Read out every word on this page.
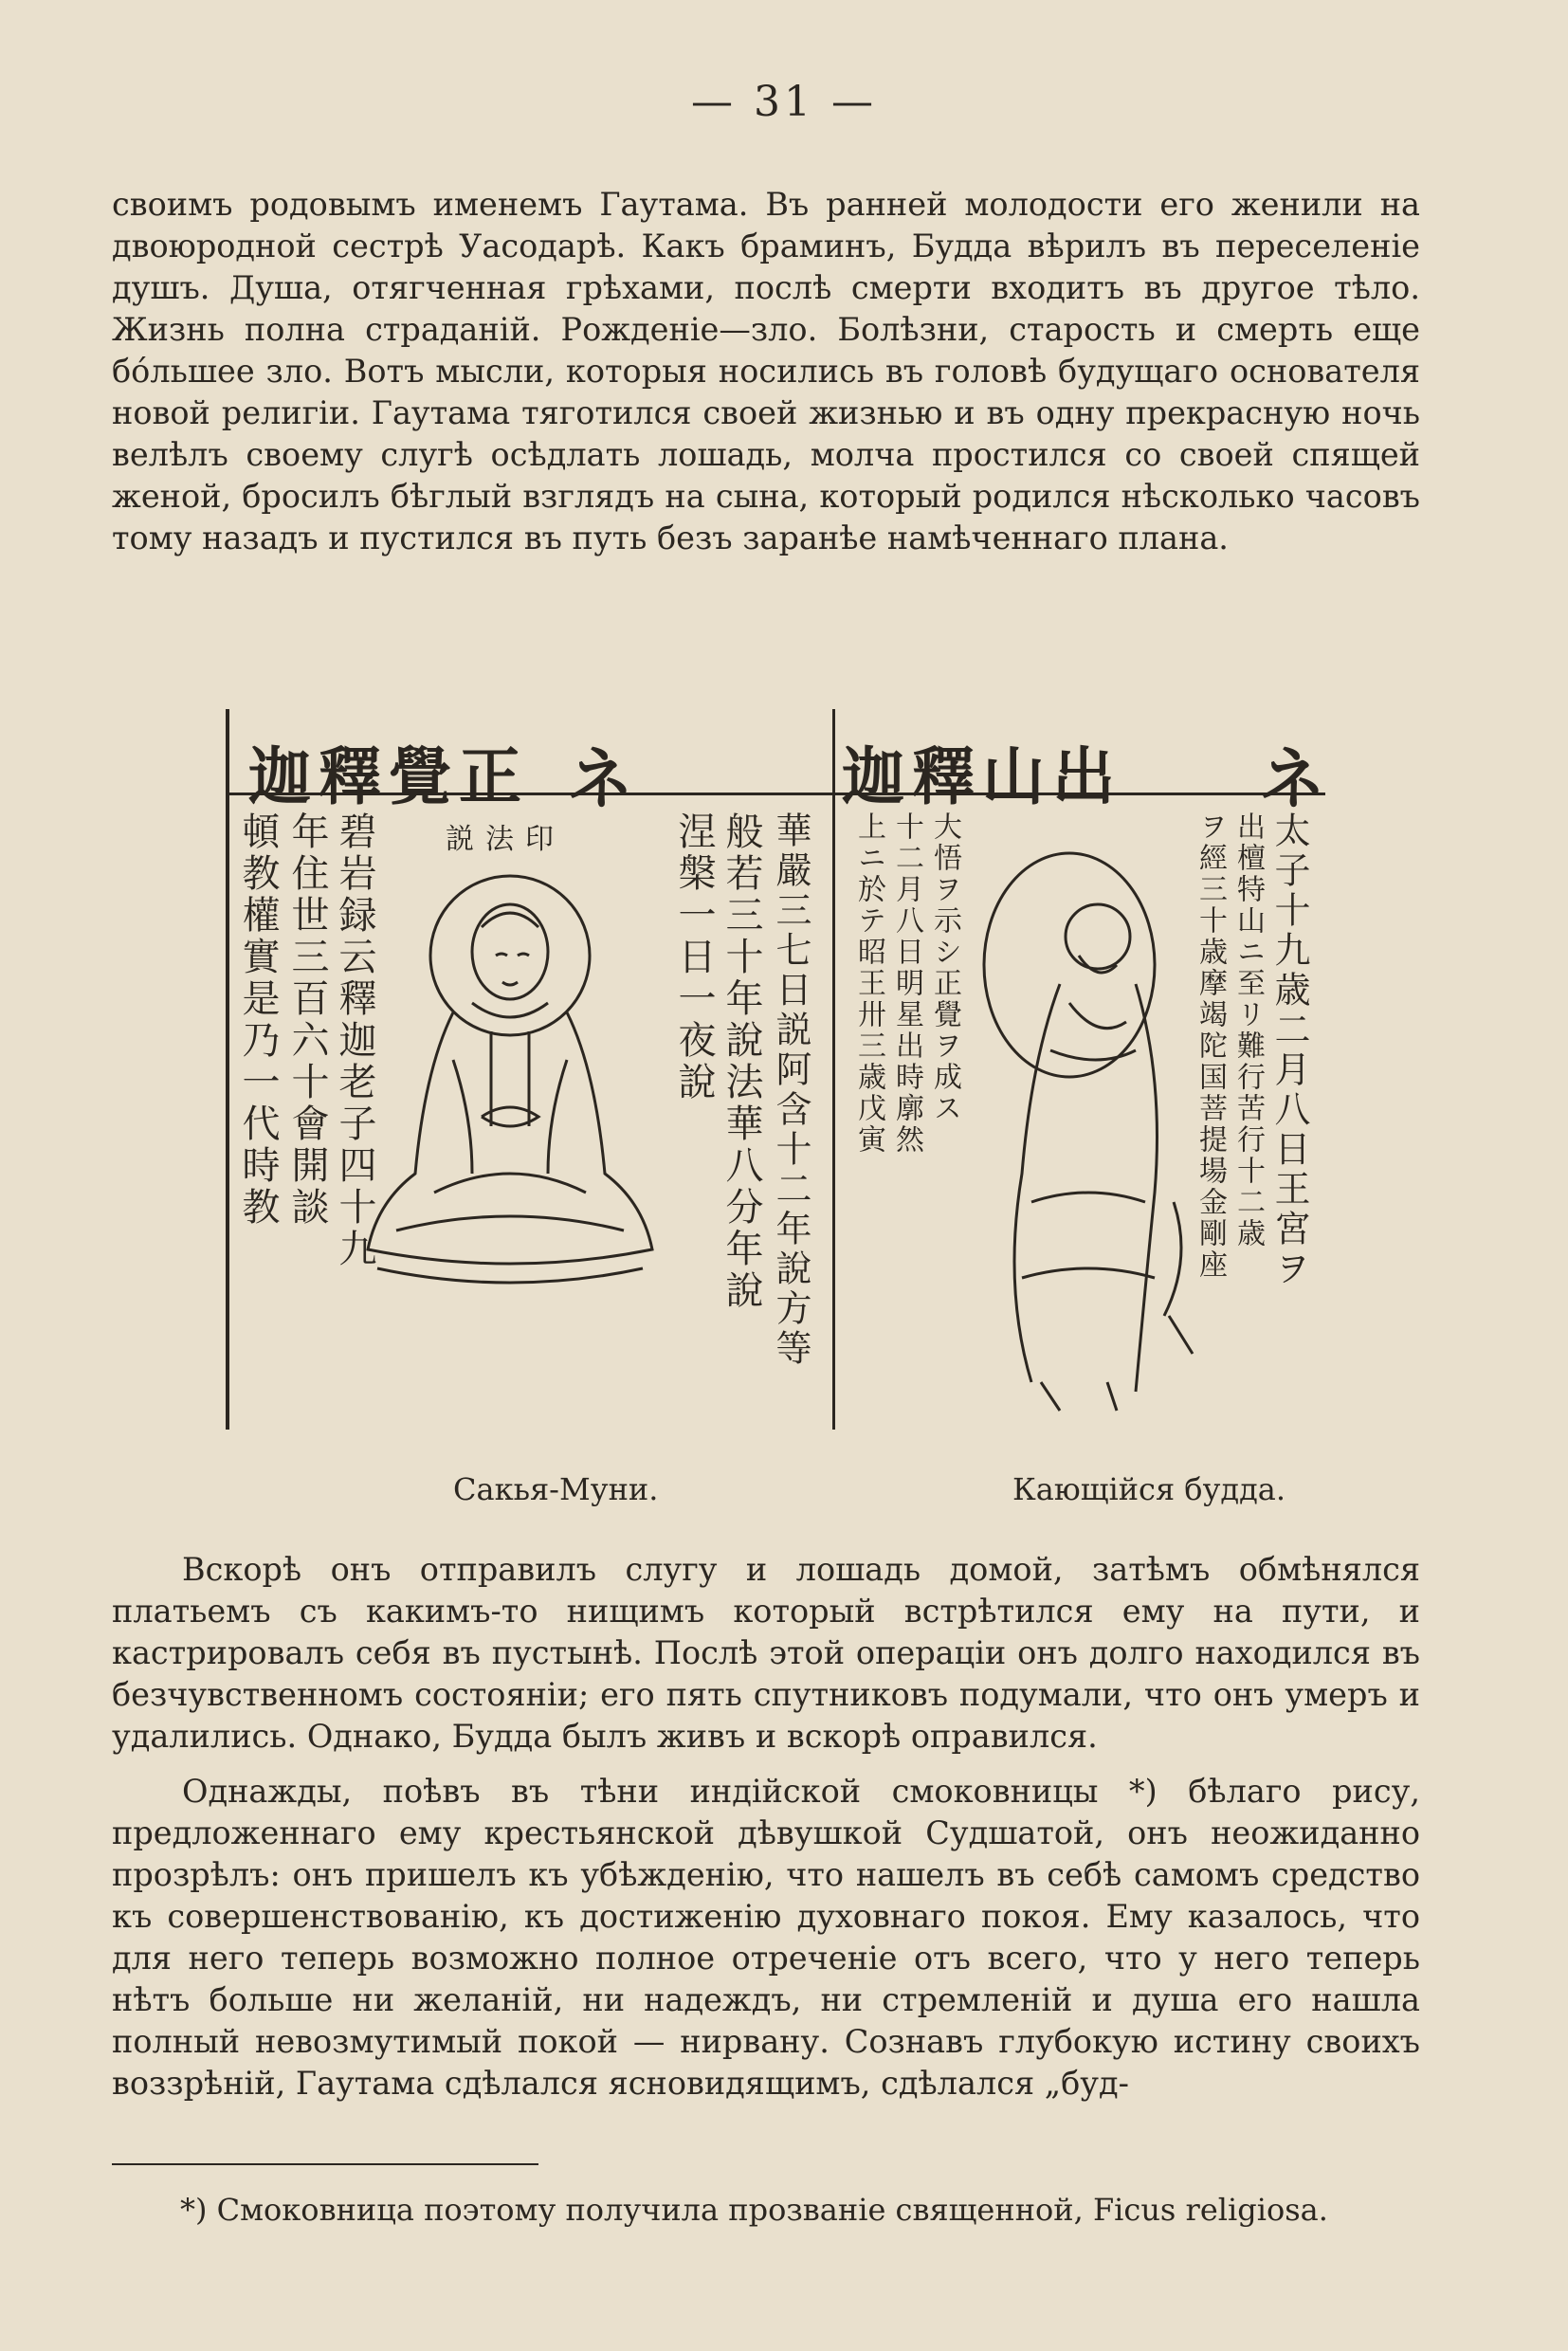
— 31 —

своимъ родовымъ именемъ Гаутама. Въ ранней молодости его женили на двоюродной сестрѣ Уасодарѣ. Какъ браминъ, Будда вѣрилъ въ переселенiе душъ. Душа, отягченная грѣхами, послѣ смерти входитъ въ другое тѣло. Жизнь полна страданiй. Рожденiе—зло. Болѣзни, старость и смерть еще бóльшее зло. Вотъ мысли, которыя носились въ головѣ будущаго основателя новой религiи. Гаутама тяготился своей жизнью и въ одну прекрасную ночь велѣлъ своему слугѣ осѣдлать лошадь, молча простился со своей спящей женой, бросилъ бѣглый взглядъ на сына, который родился нѣсколько часовъ тому назадъ и пустился въ путь безъ заранѣе намѣченнаго плана.

迦釋覺正 ネ	迦釋山出 ネ
説法印
頓教權實是乃一代時教 年住世三百六十會開談 碧岩録云釋迦老子四十九	涅槃一日一夜說 般若三十年說法華八分年說 華嚴三七日説阿含十二年說方等 上ニ於テ昭王卅三歳戊寅 十二月八日明星出時廓然 大悟ヲ示シ正覺ヲ成ス	ヲ經三十歳摩竭陀国菩提場金剛座 出檀特山ニ至リ難行苦行十二歳 太子十九歳二月八日王宮ヲ
Сакья-Муни.	Кающiйся будда.

Вскорѣ онъ отправилъ слугу и лошадь домой, затѣмъ обмѣнялся платьемъ съ какимъ-то нищимъ который встрѣтился ему на пути, и кастрировалъ себя въ пустынѣ. Послѣ этой операцiи онъ долго находился въ безчувственномъ состоянiи; его пять спутниковъ подумали, что онъ умеръ и удалились. Однако, Будда былъ живъ и вскорѣ оправился.

Однажды, поѣвъ въ тѣни индiйской смоковницы *) бѣлаго рису, предложеннаго ему крестьянской дѣвушкой Судшатой, онъ неожиданно прозрѣлъ: онъ пришелъ къ убѣжденiю, что нашелъ въ себѣ самомъ средство къ совершенствованiю, къ достиженiю духовнаго покоя. Ему казалось, что для него теперь возможно полное отреченiе отъ всего, что у него теперь нѣтъ больше ни желанiй, ни надеждъ, ни стремленiй и душа его нашла полный невозмутимый покой — нирвану. Сознавъ глубокую истину своихъ воззрѣнiй, Гаутама сдѣлался ясновидящимъ, сдѣлался „буд-

*) Смоковница поэтому получила прозванiе священной, Ficus religiosa.
